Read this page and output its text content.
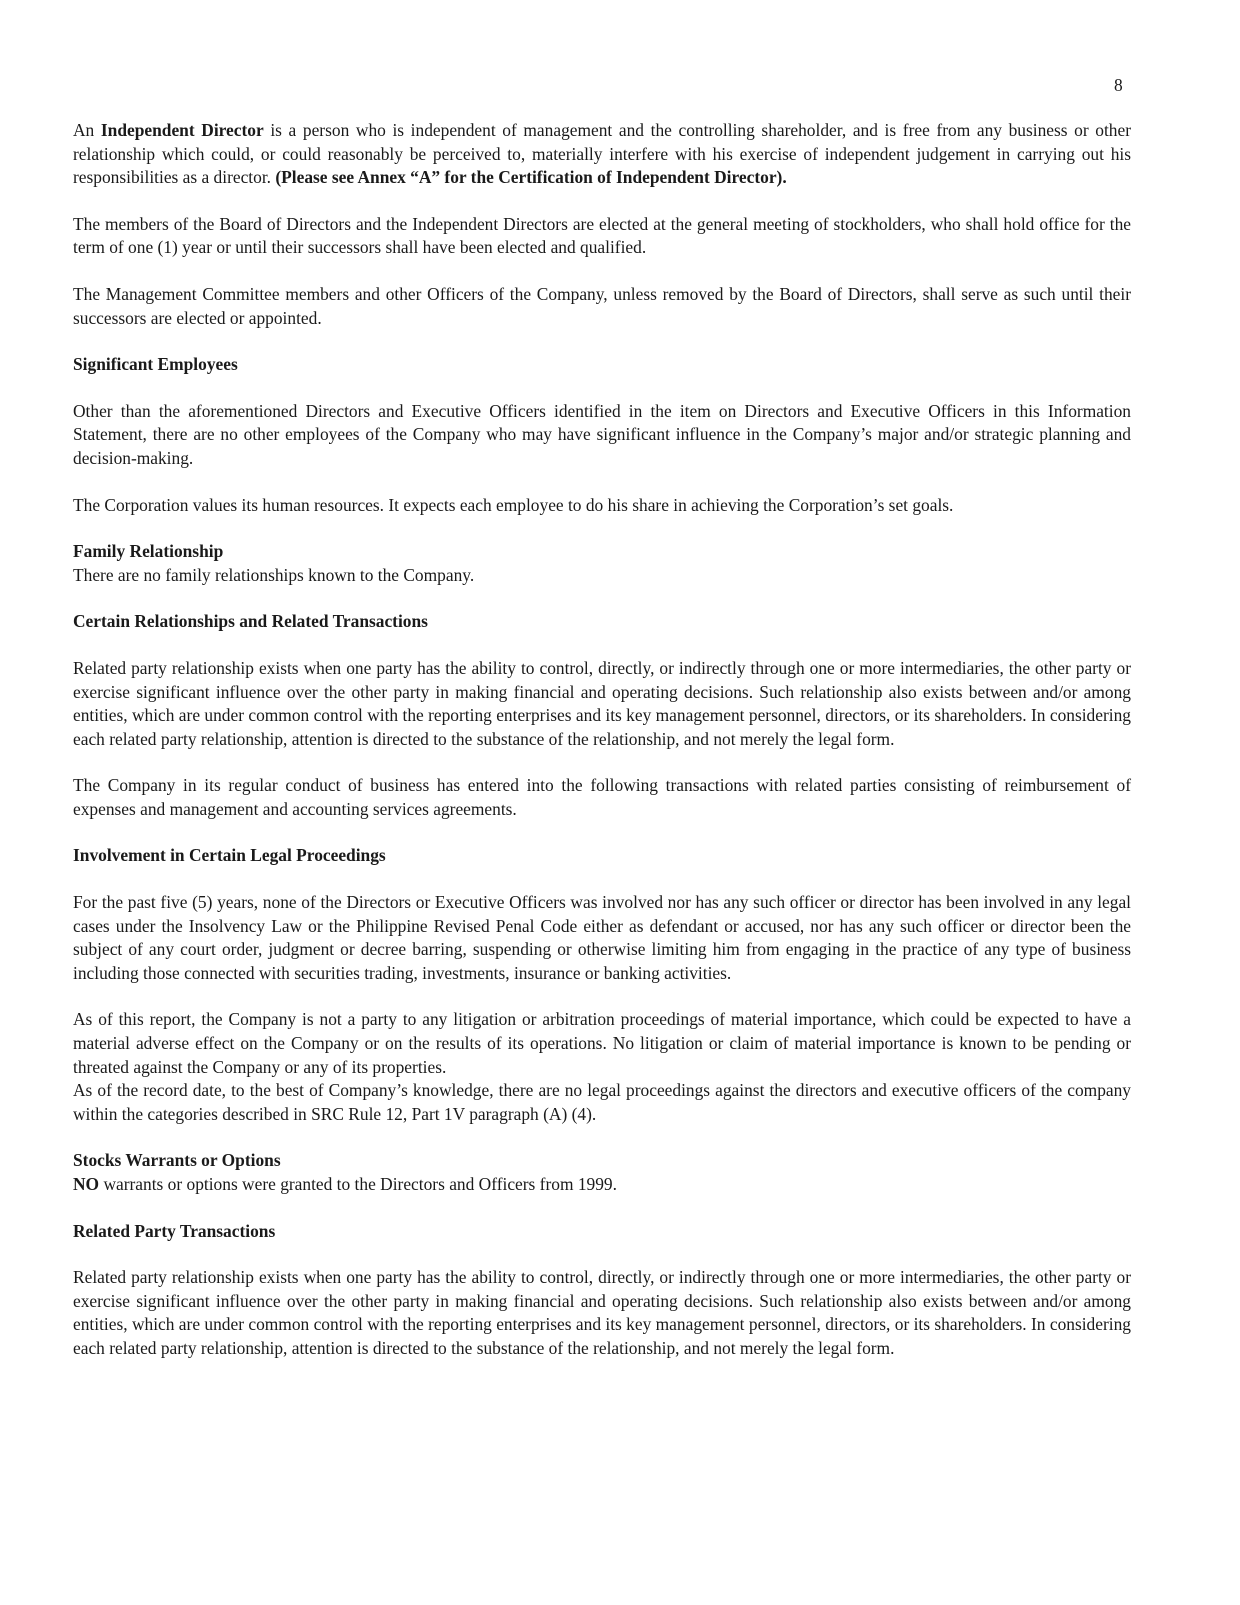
8

An Independent Director is a person who is independent of management and the controlling shareholder, and is free from any business or other relationship which could, or could reasonably be perceived to, materially interfere with his exercise of independent judgement in carrying out his responsibilities as a director. (Please see Annex “A” for the Certification of Independent Director).

The members of the Board of Directors and the Independent Directors are elected at the general meeting of stockholders, who shall hold office for the term of one (1) year or until their successors shall have been elected and qualified.

The Management Committee members and other Officers of the Company, unless removed by the Board of Directors, shall serve as such until their successors are elected or appointed.

Significant Employees

Other than the aforementioned Directors and Executive Officers identified in the item on Directors and Executive Officers in this Information Statement, there are no other employees of the Company who may have significant influence in the Company’s major and/or strategic planning and decision-making.

The Corporation values its human resources. It expects each employee to do his share in achieving the Corporation’s set goals.

Family Relationship

There are no family relationships known to the Company.

Certain Relationships and Related Transactions

Related party relationship exists when one party has the ability to control, directly, or indirectly through one or more intermediaries, the other party or exercise significant influence over the other party in making financial and operating decisions. Such relationship also exists between and/or among entities, which are under common control with the reporting enterprises and its key management personnel, directors, or its shareholders. In considering each related party relationship, attention is directed to the substance of the relationship, and not merely the legal form.

The Company in its regular conduct of business has entered into the following transactions with related parties consisting of reimbursement of expenses and management and accounting services agreements.

Involvement in Certain Legal Proceedings

For the past five (5) years, none of the Directors or Executive Officers was involved nor has any such officer or director has been involved in any legal cases under the Insolvency Law or the Philippine Revised Penal Code either as defendant or accused, nor has any such officer or director been the subject of any court order, judgment or decree barring, suspending or otherwise limiting him from engaging in the practice of any type of business including those connected with securities trading, investments, insurance or banking activities.

As of this report, the Company is not a party to any litigation or arbitration proceedings of material importance, which could be expected to have a material adverse effect on the Company or on the results of its operations. No litigation or claim of material importance is known to be pending or threated against the Company or any of its properties.

As of the record date, to the best of Company’s knowledge, there are no legal proceedings against the directors and executive officers of the company within the categories described in SRC Rule 12, Part 1V paragraph (A) (4).

Stocks Warrants or Options

NO warrants or options were granted to the Directors and Officers from 1999.

Related Party Transactions

Related party relationship exists when one party has the ability to control, directly, or indirectly through one or more intermediaries, the other party or exercise significant influence over the other party in making financial and operating decisions. Such relationship also exists between and/or among entities, which are under common control with the reporting enterprises and its key management personnel, directors, or its shareholders. In considering each related party relationship, attention is directed to the substance of the relationship, and not merely the legal form.
